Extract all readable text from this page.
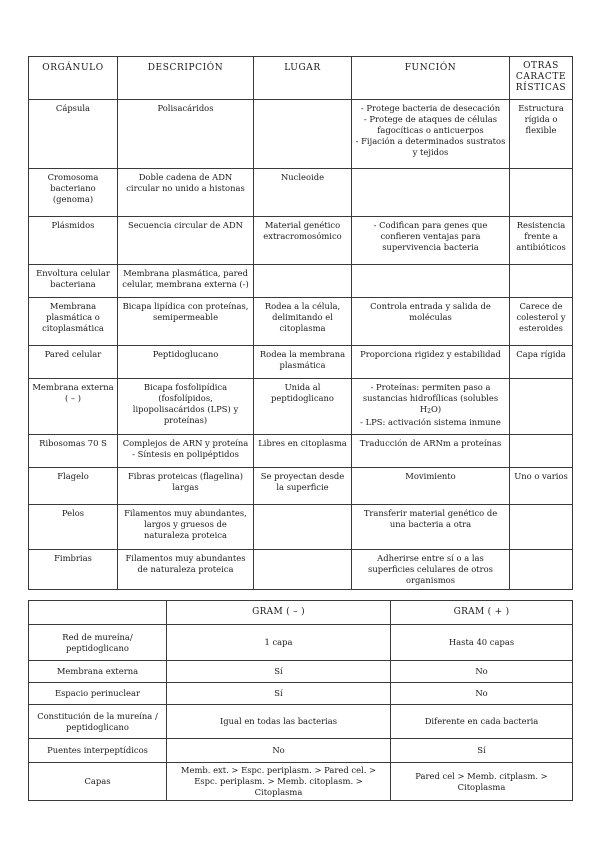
ORGÁNULO	DESCRIPCIÓN	LUGAR	FUNCIÓN	OTRAS
CARACTE
RÍSTICAS

Cápsula	Polisacáridos		- Protege bacteria de desecación
- Protege de ataques de células fagocíticas o anticuerpos
- Fijación a determinados sustratos y tejidos	Estructura rígida o flexible

Cromosoma bacteriano (genoma)	Doble cadena de ADN circular no unido a histonas	Nucleoide		

Plásmidos	Secuencia circular de ADN	Material genético extracromosómico	- Codifican para genes que confieren ventajas para supervivencia bacteria	Resistencia frente a antibióticos

Envoltura celular bacteriana	Membrana plasmática, pared celular, membrana externa (-)			

Membrana plasmática o citoplasmática	Bicapa lipídica con proteínas, semipermeable	Rodea a la célula, delimitando el citoplasma	Controla entrada y salida de moléculas	Carece de colesterol y esteroides

Pared celular	Peptidoglucano	Rodea la membrana plasmática	Proporciona rigidez y estabilidad	Capa rígida

Membrana externa
( – )	Bicapa fosfolipídica (fosfolípidos, lipopolisacáridos (LPS) y proteínas)	Unida al peptidoglicano	- Proteínas: permiten paso a sustancias hidrofílicas (solubles H2O)
- LPS: activación sistema inmune	

Ribosomas 70 S	Complejos de ARN y proteína
- Síntesis en polipéptidos	Libres en citoplasma	Traducción de ARNm a proteínas	

Flagelo	Fibras proteicas (flagelina) largas	Se proyectan desde la superficie	Movimiento	Uno o varios

Pelos	Filamentos muy abundantes, largos y gruesos de naturaleza proteica		Transferir material genético de una bacteria a otra	

Fimbrias	Filamentos muy abundantes de naturaleza proteica		Adherirse entre sí o a las superficies celulares de otros organismos	

	GRAM ( – )	GRAM ( + )

Red de mureína/ peptidoglicano	1 capa	Hasta 40 capas

Membrana externa	Sí	No

Espacio perinuclear	Sí	No

Constitución de la mureína / peptidoglicano	Igual en todas las bacterias	Diferente en cada bacteria

Puentes interpeptídicos	No	Sí

Capas	Memb. ext. > Espc. periplasm. > Pared cel. > Espc. periplasm. > Memb. citoplasm. > Citoplasma	Pared cel > Memb. citplasm. > Citoplasma
